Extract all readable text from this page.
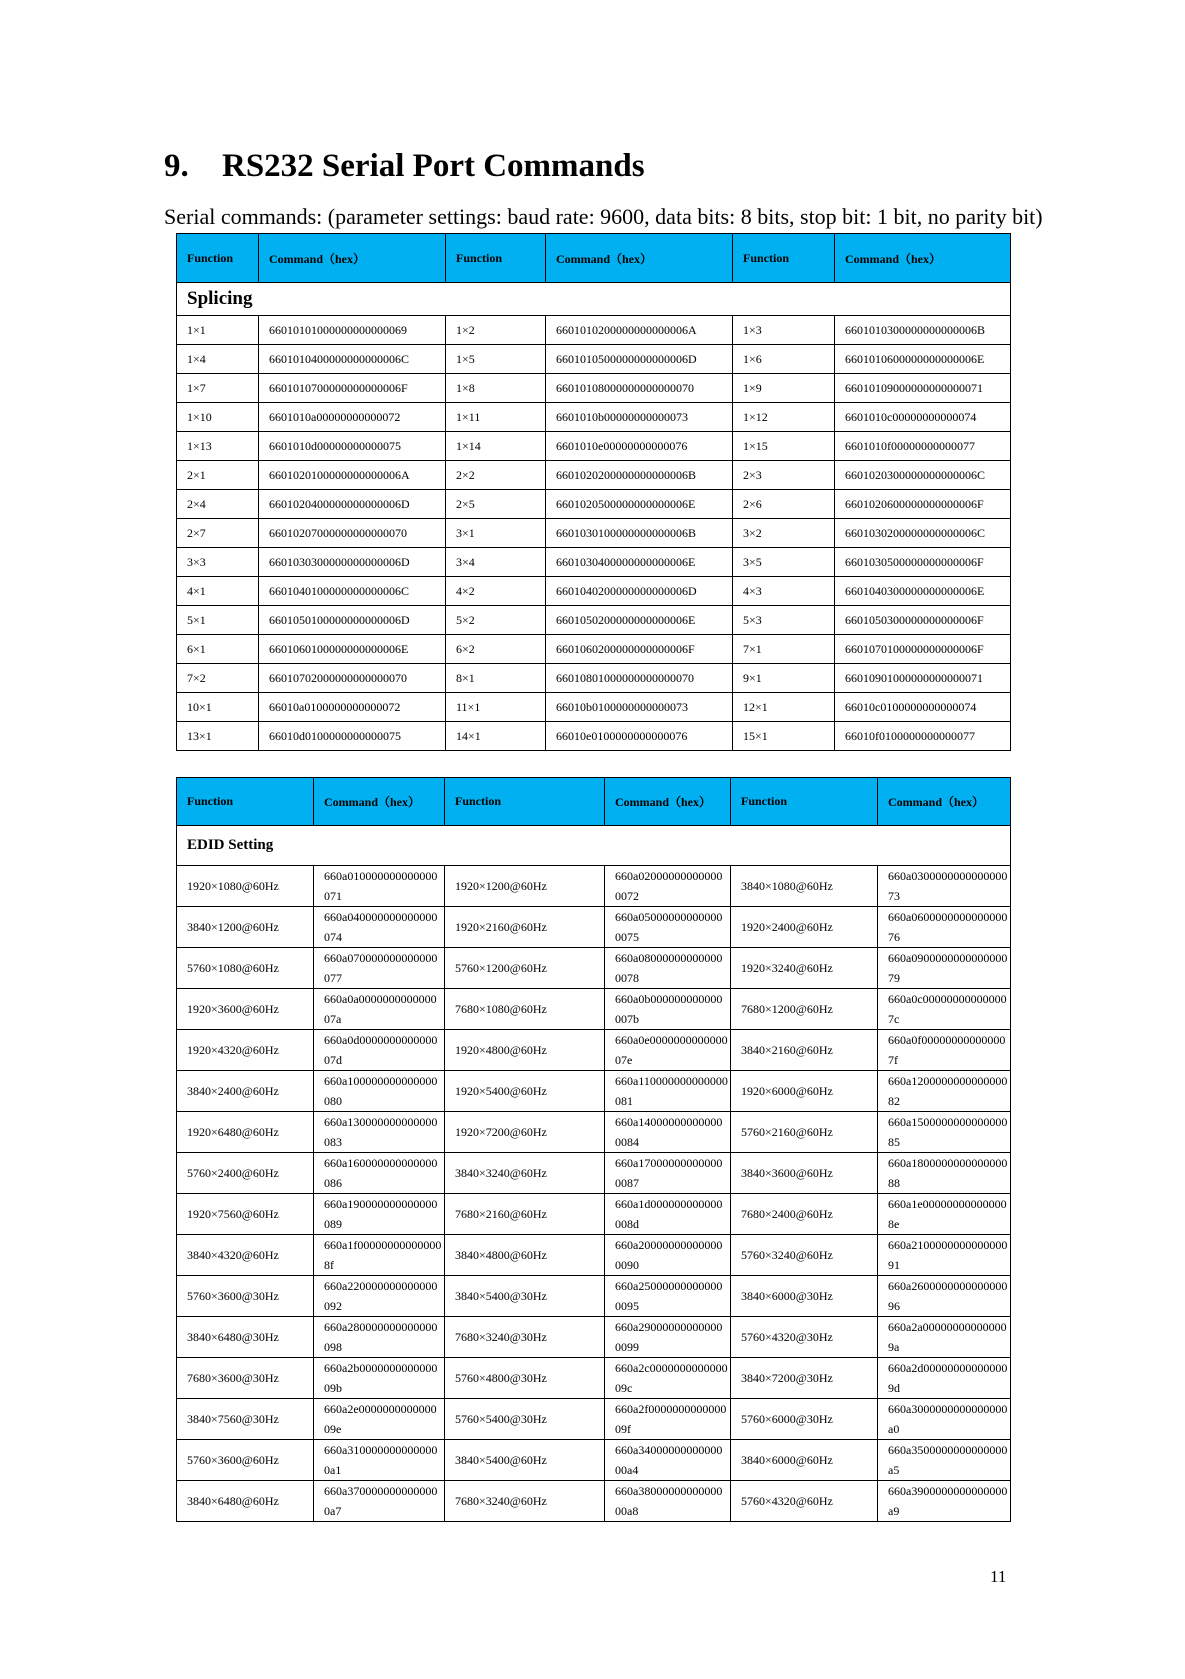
9. RS232 Serial Port Commands

Serial commands: (parameter settings: baud rate: 9600, data bits: 8 bits, stop bit: 1 bit, no parity bit)

Function	Command（hex）	Function	Command（hex）	Function	Command（hex）
Splicing					
1×1	66010101000000000000069	1×2	6601010200000000000006A	1×3	6601010300000000000006B
1×4	6601010400000000000006C	1×5	6601010500000000000006D	1×6	6601010600000000000006E
1×7	6601010700000000000006F	1×8	66010108000000000000070	1×9	66010109000000000000071
1×10	6601010a00000000000072	1×11	6601010b00000000000073	1×12	6601010c00000000000074
1×13	6601010d00000000000075	1×14	6601010e00000000000076	1×15	6601010f00000000000077
2×1	6601020100000000000006A	2×2	6601020200000000000006B	2×3	6601020300000000000006C
2×4	6601020400000000000006D	2×5	6601020500000000000006E	2×6	6601020600000000000006F
2×7	66010207000000000000070	3×1	6601030100000000000006B	3×2	6601030200000000000006C
3×3	6601030300000000000006D	3×4	6601030400000000000006E	3×5	6601030500000000000006F
4×1	6601040100000000000006C	4×2	6601040200000000000006D	4×3	6601040300000000000006E
5×1	6601050100000000000006D	5×2	6601050200000000000006E	5×3	6601050300000000000006F
6×1	6601060100000000000006E	6×2	6601060200000000000006F	7×1	6601070100000000000006F
7×2	66010702000000000000070	8×1	66010801000000000000070	9×1	66010901000000000000071
10×1	66010a0100000000000072	11×1	66010b0100000000000073	12×1	66010c0100000000000074
13×1	66010d0100000000000075	14×1	66010e0100000000000076	15×1	66010f0100000000000077
Function	Command（hex）	Function	Command（hex）	Function	Command（hex）
EDID Setting					
1920×1080@60Hz	660a010000000000000071	1920×1200@60Hz	660a020000000000000072	3840×1080@60Hz	660a030000000000000073
3840×1200@60Hz	660a040000000000000074	1920×2160@60Hz	660a050000000000000075	1920×2400@60Hz	660a060000000000000076
5760×1080@60Hz	660a070000000000000077	5760×1200@60Hz	660a080000000000000078	1920×3240@60Hz	660a090000000000000079
1920×3600@60Hz	660a0a000000000000007a	7680×1080@60Hz	660a0b000000000000007b	7680×1200@60Hz	660a0c000000000000007c
1920×4320@60Hz	660a0d000000000000007d	1920×4800@60Hz	660a0e000000000000007e	3840×2160@60Hz	660a0f000000000000007f
3840×2400@60Hz	660a100000000000000080	1920×5400@60Hz	660a110000000000000081	1920×6000@60Hz	660a120000000000000082
1920×6480@60Hz	660a130000000000000083	1920×7200@60Hz	660a140000000000000084	5760×2160@60Hz	660a150000000000000085
5760×2400@60Hz	660a160000000000000086	3840×3240@60Hz	660a170000000000000087	3840×3600@60Hz	660a180000000000000088
1920×7560@60Hz	660a190000000000000089	7680×2160@60Hz	660a1d000000000000008d	7680×2400@60Hz	660a1e000000000000008e
3840×4320@60Hz	660a1f000000000000008f	3840×4800@60Hz	660a200000000000000090	5760×3240@60Hz	660a210000000000000091
5760×3600@30Hz	660a220000000000000092	3840×5400@30Hz	660a250000000000000095	3840×6000@30Hz	660a260000000000000096
3840×6480@30Hz	660a280000000000000098	7680×3240@30Hz	660a290000000000000099	5760×4320@30Hz	660a2a000000000000009a
7680×3600@30Hz	660a2b000000000000009b	5760×4800@30Hz	660a2c000000000000009c	3840×7200@30Hz	660a2d000000000000009d
3840×7560@30Hz	660a2e000000000000009e	5760×5400@30Hz	660a2f000000000000009f	5760×6000@30Hz	660a3000000000000000a0
5760×3600@60Hz	660a3100000000000000a1	3840×5400@60Hz	660a3400000000000000a4	3840×6000@60Hz	660a3500000000000000a5
3840×6480@60Hz	660a3700000000000000a7	7680×3240@60Hz	660a3800000000000000a8	5760×4320@60Hz	660a3900000000000000a9
11
